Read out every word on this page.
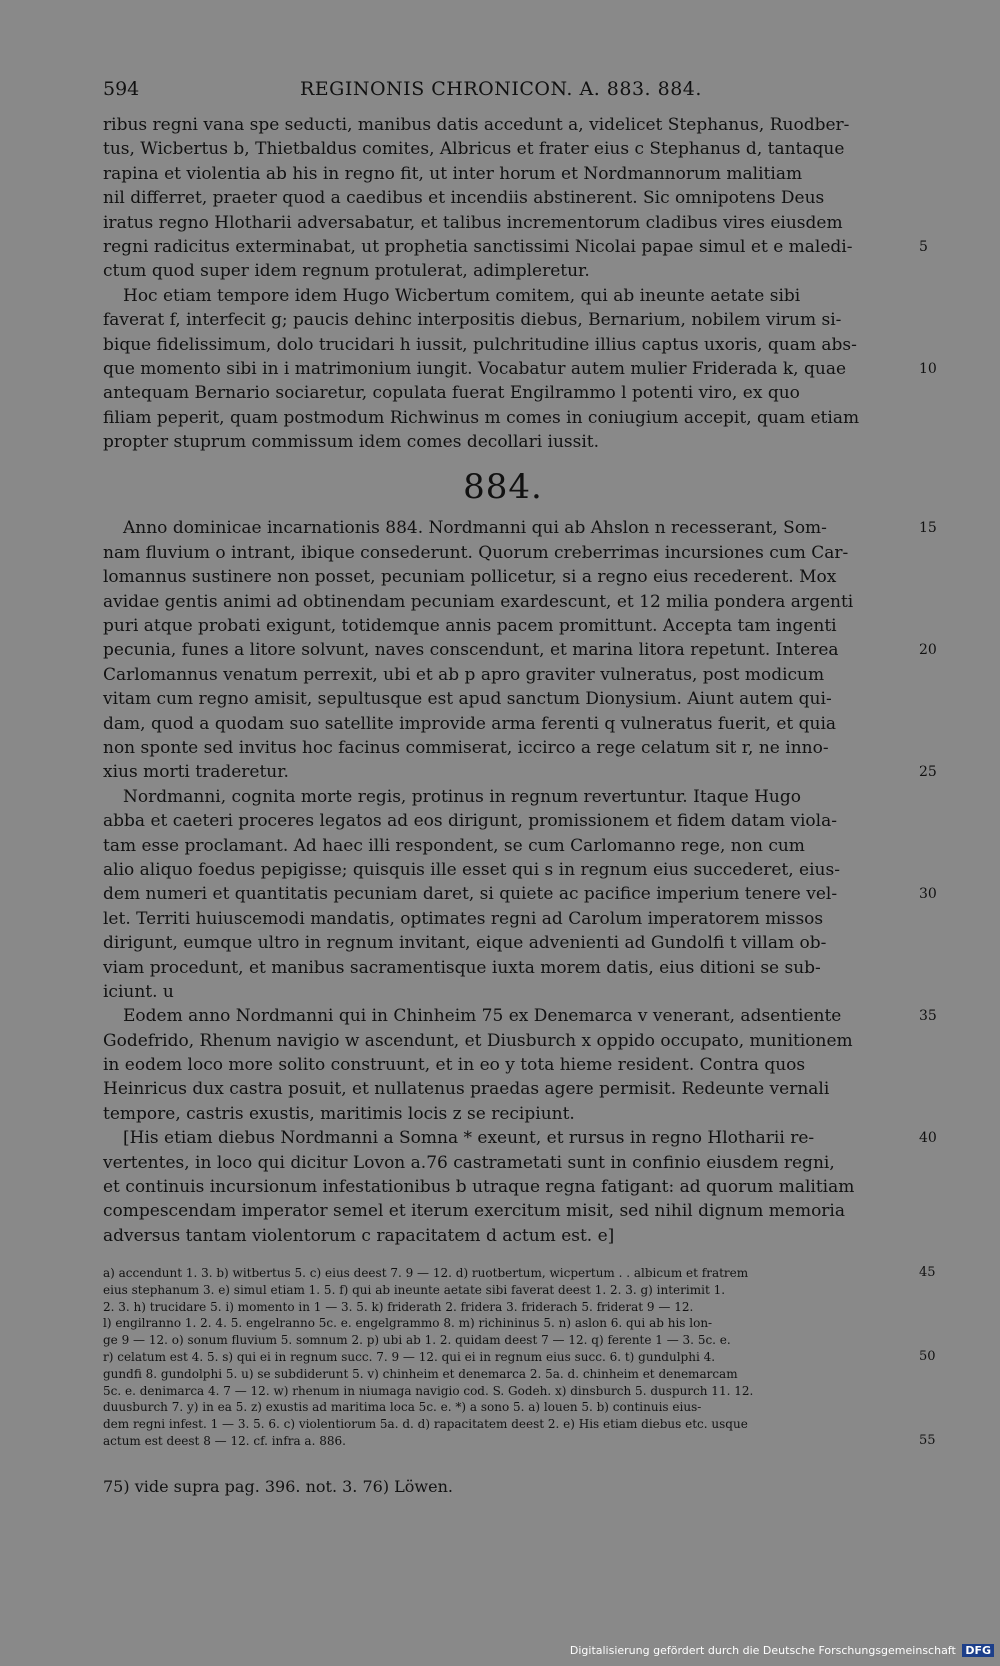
594	REGINONIS CHRONICON. A. 883. 884.
ribus regni vana spe seducti, manibus datis accedunt a, videlicet Stephanus, Ruodber-
tus, Wicbertus b, Thietbaldus comites, Albricus et frater eius c Stephanus d, tantaque
rapina et violentia ab his in regno fit, ut inter horum et Nordmannorum malitiam
nil differret, praeter quod a caedibus et incendiis abstinerent. Sic omnipotens Deus
iratus regno Hlotharii adversabatur, et talibus incrementorum cladibus vires eiusdem
regni radicitus exterminabat, ut prophetia sanctissimi Nicolai papae simul et e maledi-	5
ctum quod super idem regnum protulerat, adimpleretur.
Hoc etiam tempore idem Hugo Wicbertum comitem, qui ab ineunte aetate sibi
faverat f, interfecit g; paucis dehinc interpositis diebus, Bernarium, nobilem virum si-
bique fidelissimum, dolo trucidari h iussit, pulchritudine illius captus uxoris, quam abs-
que momento sibi in i matrimonium iungit. Vocabatur autem mulier Friderada k, quae	10
antequam Bernario sociaretur, copulata fuerat Engilrammo l potenti viro, ex quo
filiam peperit, quam postmodum Richwinus m comes in coniugium accepit, quam etiam
propter stuprum commissum idem comes decollari iussit.
884.
Anno dominicae incarnationis 884. Nordmanni qui ab Ahslon n recesserant, Som-	15
nam fluvium o intrant, ibique consederunt. Quorum creberrimas incursiones cum Car-
lomannus sustinere non posset, pecuniam pollicetur, si a regno eius recederent. Mox
avidae gentis animi ad obtinendam pecuniam exardescunt, et 12 milia pondera argenti
puri atque probati exigunt, totidemque annis pacem promittunt. Accepta tam ingenti
pecunia, funes a litore solvunt, naves conscendunt, et marina litora repetunt. Interea	20
Carlomannus venatum perrexit, ubi et ab p apro graviter vulneratus, post modicum
vitam cum regno amisit, sepultusque est apud sanctum Dionysium. Aiunt autem qui-
dam, quod a quodam suo satellite improvide arma ferenti q vulneratus fuerit, et quia
non sponte sed invitus hoc facinus commiserat, iccirco a rege celatum sit r, ne inno-
xius morti traderetur.	25
Nordmanni, cognita morte regis, protinus in regnum revertuntur. Itaque Hugo
abba et caeteri proceres legatos ad eos dirigunt, promissionem et fidem datam viola-
tam esse proclamant. Ad haec illi respondent, se cum Carlomanno rege, non cum
alio aliquo foedus pepigisse; quisquis ille esset qui s in regnum eius succederet, eius-
dem numeri et quantitatis pecuniam daret, si quiete ac pacifice imperium tenere vel-	30
let. Territi huiuscemodi mandatis, optimates regni ad Carolum imperatorem missos
dirigunt, eumque ultro in regnum invitant, eique advenienti ad Gundolfi t villam ob-
viam procedunt, et manibus sacramentisque iuxta morem datis, eius ditioni se sub-
iciunt. u
Eodem anno Nordmanni qui in Chinheim 75 ex Denemarca v venerant, adsentiente	35
Godefrido, Rhenum navigio w ascendunt, et Diusburch x oppido occupato, munitionem
in eodem loco more solito construunt, et in eo y tota hieme resident. Contra quos
Heinricus dux castra posuit, et nullatenus praedas agere permisit. Redeunte vernali
tempore, castris exustis, maritimis locis z se recipiunt.
[His etiam diebus Nordmanni a Somna * exeunt, et rursus in regno Hlotharii re-	40
vertentes, in loco qui dicitur Lovon a.76 castrametati sunt in confinio eiusdem regni,
et continuis incursionum infestationibus b utraque regna fatigant: ad quorum malitiam
compescendam imperator semel et iterum exercitum misit, sed nihil dignum memoria
adversus tantam violentorum c rapacitatem d actum est. e]
a) accendunt 1. 3. b) witbertus 5. c) eius deest 7. 9 — 12. d) ruotbertum, wicpertum . . albicum et fratrem	45
eius stephanum 3. e) simul etiam 1. 5. f) qui ab ineunte aetate sibi faverat deest 1. 2. 3. g) interimit 1.
2. 3. h) trucidare 5. i) momento in 1 — 3. 5. k) friderath 2. fridera 3. friderach 5. friderat 9 — 12.
l) engilranno 1. 2. 4. 5. engelranno 5c. e. engelgrammo 8. m) richininus 5. n) aslon 6. qui ab his lon-
ge 9 — 12. o) sonum fluvium 5. somnum 2. p) ubi ab 1. 2. quidam deest 7 — 12. q) ferente 1 — 3. 5c. e.
r) celatum est 4. 5. s) qui ei in regnum succ. 7. 9 — 12. qui ei in regnum eius succ. 6. t) gundulphi 4.	50
gundfi 8. gundolphi 5. u) se subdiderunt 5. v) chinheim et denemarca 2. 5a. d. chinheim et denemarcam
5c. e. denimarca 4. 7 — 12. w) rhenum in niumaga navigio cod. S. Godeh. x) dinsburch 5. duspurch 11. 12.
duusburch 7. y) in ea 5. z) exustis ad maritima loca 5c. e. *) a sono 5. a) louen 5. b) continuis eius-
dem regni infest. 1 — 3. 5. 6. c) violentiorum 5a. d. d) rapacitatem deest 2. e) His etiam diebus etc. usque
actum est deest 8 — 12. cf. infra a. 886.	55
75) vide supra pag. 396. not. 3. 76) Löwen.
Digitalisierung gefördert durch die Deutsche Forschungsgemeinschaft DFG
